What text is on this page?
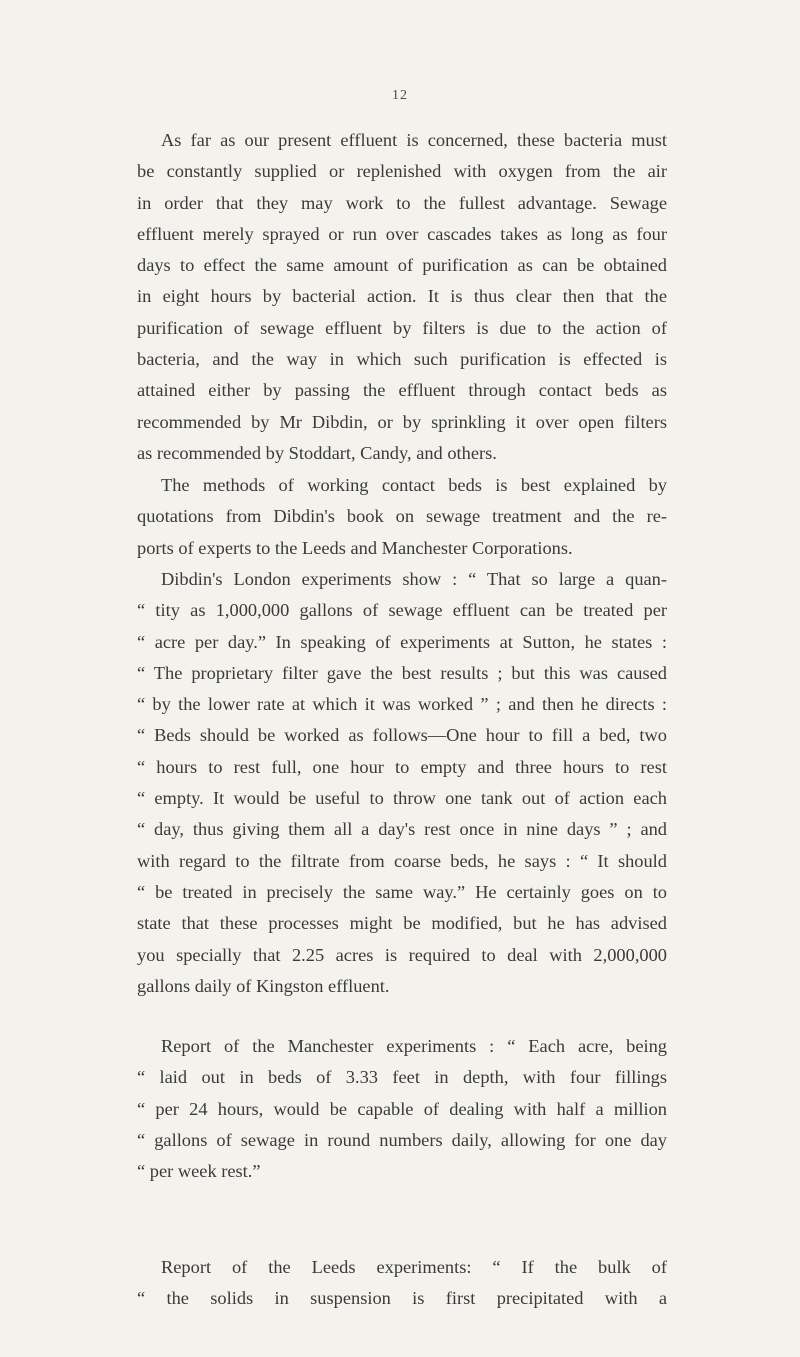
12
As far as our present effluent is concerned, these bacteria must
be constantly supplied or replenished with oxygen from the air
in order that they may work to the fullest advantage. Sewage
effluent merely sprayed or run over cascades takes as long as four
days to effect the same amount of purification as can be obtained
in eight hours by bacterial action. It is thus clear then that the
purification of sewage effluent by filters is due to the action of
bacteria, and the way in which such purification is effected is
attained either by passing the effluent through contact beds as
recommended by Mr Dibdin, or by sprinkling it over open filters
as recommended by Stoddart, Candy, and others.
The methods of working contact beds is best explained by
quotations from Dibdin's book on sewage treatment and the re-
ports of experts to the Leeds and Manchester Corporations.
Dibdin's London experiments show : “ That so large a quan-
“ tity as 1,000,000 gallons of sewage effluent can be treated per
“ acre per day.” In speaking of experiments at Sutton, he states :
“ The proprietary filter gave the best results ; but this was caused
“ by the lower rate at which it was worked ” ; and then he directs :
“ Beds should be worked as follows—One hour to fill a bed, two
“ hours to rest full, one hour to empty and three hours to rest
“ empty. It would be useful to throw one tank out of action each
“ day, thus giving them all a day's rest once in nine days ” ; and
with regard to the filtrate from coarse beds, he says : “ It should
“ be treated in precisely the same way.” He certainly goes on to
state that these processes might be modified, but he has advised
you specially that 2.25 acres is required to deal with 2,000,000
gallons daily of Kingston effluent.
Report of the Manchester experiments : “ Each acre, being
“ laid out in beds of 3.33 feet in depth, with four fillings
“ per 24 hours, would be capable of dealing with half a million
“ gallons of sewage in round numbers daily, allowing for one day
“ per week rest.”
Report of the Leeds experiments: “ If the bulk of
“ the solids in suspension is first precipitated with a
